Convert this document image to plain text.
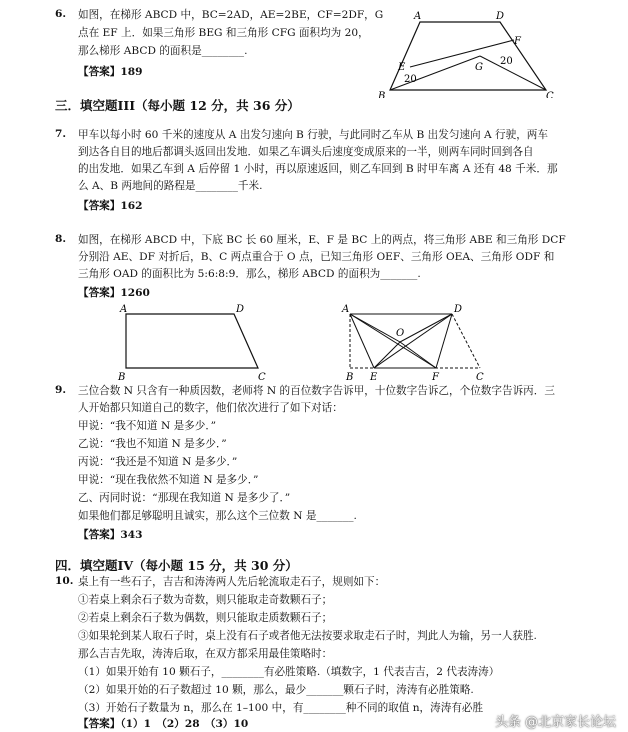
6. 如图，在梯形 ABCD 中，BC=2AD，AE=2BE，CF=2DF，G
点在 EF 上．如果三角形 BEG 和三角形 CFG 面积均为 20，
那么梯形 ABCD 的面积是________.
【答案】189
A	D
F
E	G
B	C
20
20
三．填空题III（每小题 12 分，共 36 分）
7. 甲车以每小时 60 千米的速度从 A 出发匀速向 B 行驶，与此同时乙车从 B 出发匀速向 A 行驶，两车
到达各自目的地后都调头返回出发地．如果乙车调头后速度变成原来的一半，则两车同时回到各自
的出发地．如果乙车到 A 后停留 1 小时，再以原速返回，则乙车回到 B 时甲车离 A 还有 48 千米．那
么 A、B 两地间的路程是________千米.
【答案】162
8. 如图，在梯形 ABCD 中，下底 BC 长 60 厘米，E、F 是 BC 上的两点，将三角形 ABE 和三角形 DCF
分别沿 AE、DF 对折后，B、C 两点重合于 O 点，已知三角形 OEF、三角形 OEA、三角形 ODF 和
三角形 OAD 的面积比为 5:6:8:9．那么，梯形 ABCD 的面积为_______.
【答案】1260
A	D
B	C
A	D
O
B E	F	C
9. 三位合数 N 只含有一种质因数，老师将 N 的百位数字告诉甲，十位数字告诉乙，个位数字告诉丙．三
人开始都只知道自己的数字，他们依次进行了如下对话：
甲说：“我不知道 N 是多少．”
乙说：“我也不知道 N 是多少．”
丙说：“我还是不知道 N 是多少．”
甲说：“现在我依然不知道 N 是多少．”
乙、丙同时说：“那现在我知道 N 是多少了．”
如果他们都足够聪明且诚实，那么这个三位数 N 是_______.
【答案】343
四．填空题IV（每小题 15 分，共 30 分）
10. 桌上有一些石子，吉吉和涛涛两人先后轮流取走石子，规则如下：
①若桌上剩余石子数为奇数，则只能取走奇数颗石子；
②若桌上剩余石子数为偶数，则只能取走质数颗石子；
③如果轮到某人取石子时，桌上没有石子或者他无法按要求取走石子时，判此人为输，另一人获胜.
那么吉吉先取，涛涛后取，在双方都采用最佳策略时：
（1）如果开始有 10 颗石子，________有必胜策略.（填数字，1 代表吉吉，2 代表涛涛）
（2）如果开始的石子数超过 10 颗，那么，最少_______颗石子时，涛涛有必胜策略.
（3）开始石子数量为 n，那么在 1–100 中，有________种不同的取值 n，涛涛有必胜
【答案】（1）1　（2）28　（3）10	头条 @北京家长论坛
